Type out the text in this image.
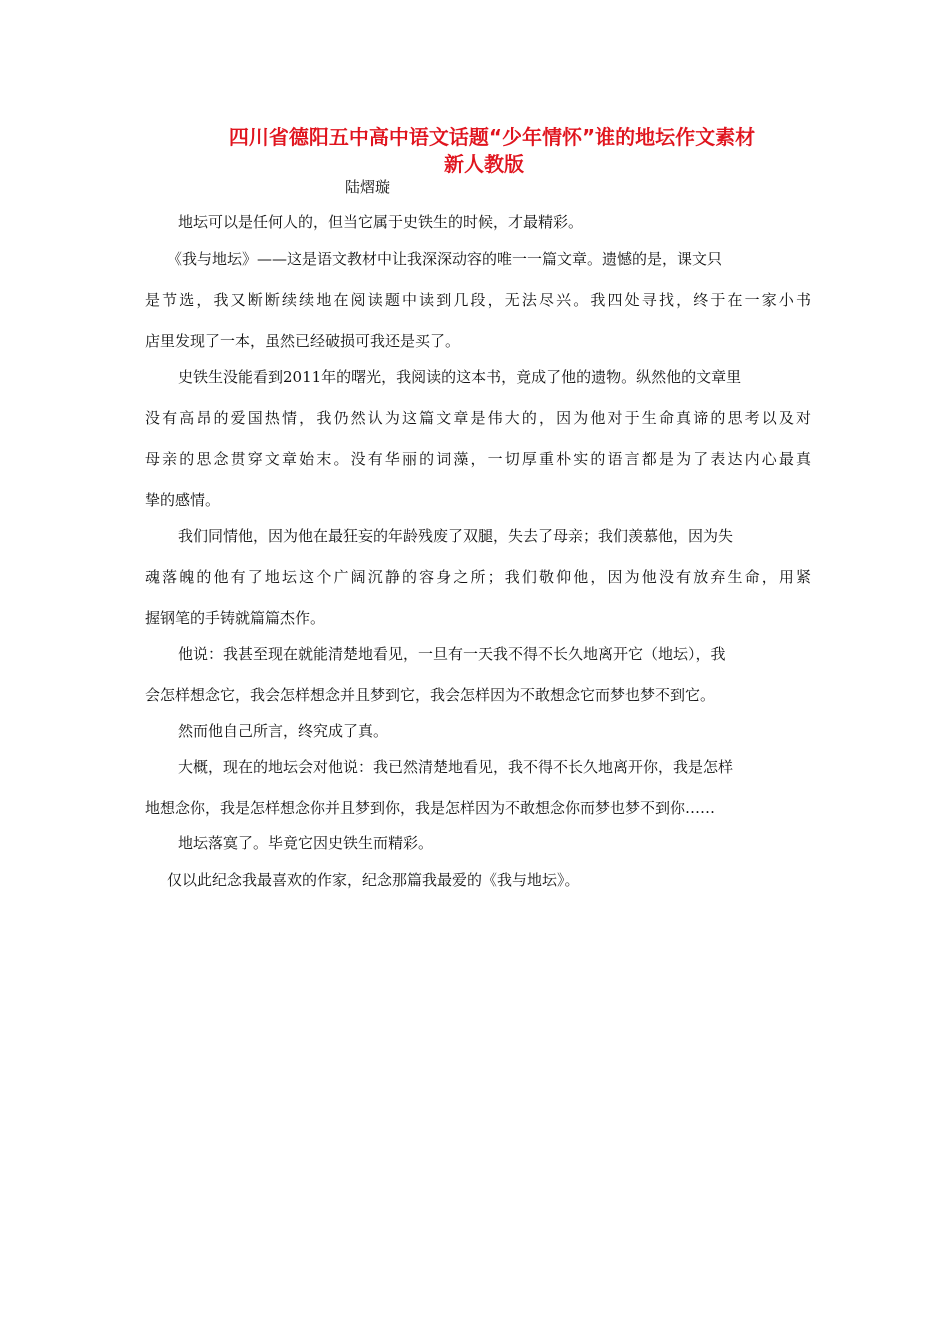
四川省德阳五中高中语文话题“少年情怀”谁的地坛作文素材
新人教版
陆熠璇

地坛可以是任何人的，但当它属于史铁生的时候，才最精彩。

《我与地坛》——这是语文教材中让我深深动容的唯一一篇文章。遗憾的是，课文只
是节选，我又断断续续地在阅读题中读到几段，无法尽兴。我四处寻找，终于在一家小书
店里发现了一本，虽然已经破损可我还是买了。

史铁生没能看到2011年的曙光，我阅读的这本书，竟成了他的遗物。纵然他的文章里
没有高昂的爱国热情，我仍然认为这篇文章是伟大的，因为他对于生命真谛的思考以及对
母亲的思念贯穿文章始末。没有华丽的词藻，一切厚重朴实的语言都是为了表达内心最真
挚的感情。

我们同情他，因为他在最狂妄的年龄残废了双腿，失去了母亲；我们羡慕他，因为失
魂落魄的他有了地坛这个广阔沉静的容身之所；我们敬仰他，因为他没有放弃生命，用紧
握钢笔的手铸就篇篇杰作。

他说：我甚至现在就能清楚地看见，一旦有一天我不得不长久地离开它（地坛），我
会怎样想念它，我会怎样想念并且梦到它，我会怎样因为不敢想念它而梦也梦不到它。

然而他自己所言，终究成了真。

大概，现在的地坛会对他说：我已然清楚地看见，我不得不长久地离开你，我是怎样
地想念你，我是怎样想念你并且梦到你，我是怎样因为不敢想念你而梦也梦不到你……

地坛落寞了。毕竟它因史铁生而精彩。

仅以此纪念我最喜欢的作家，纪念那篇我最爱的《我与地坛》。
